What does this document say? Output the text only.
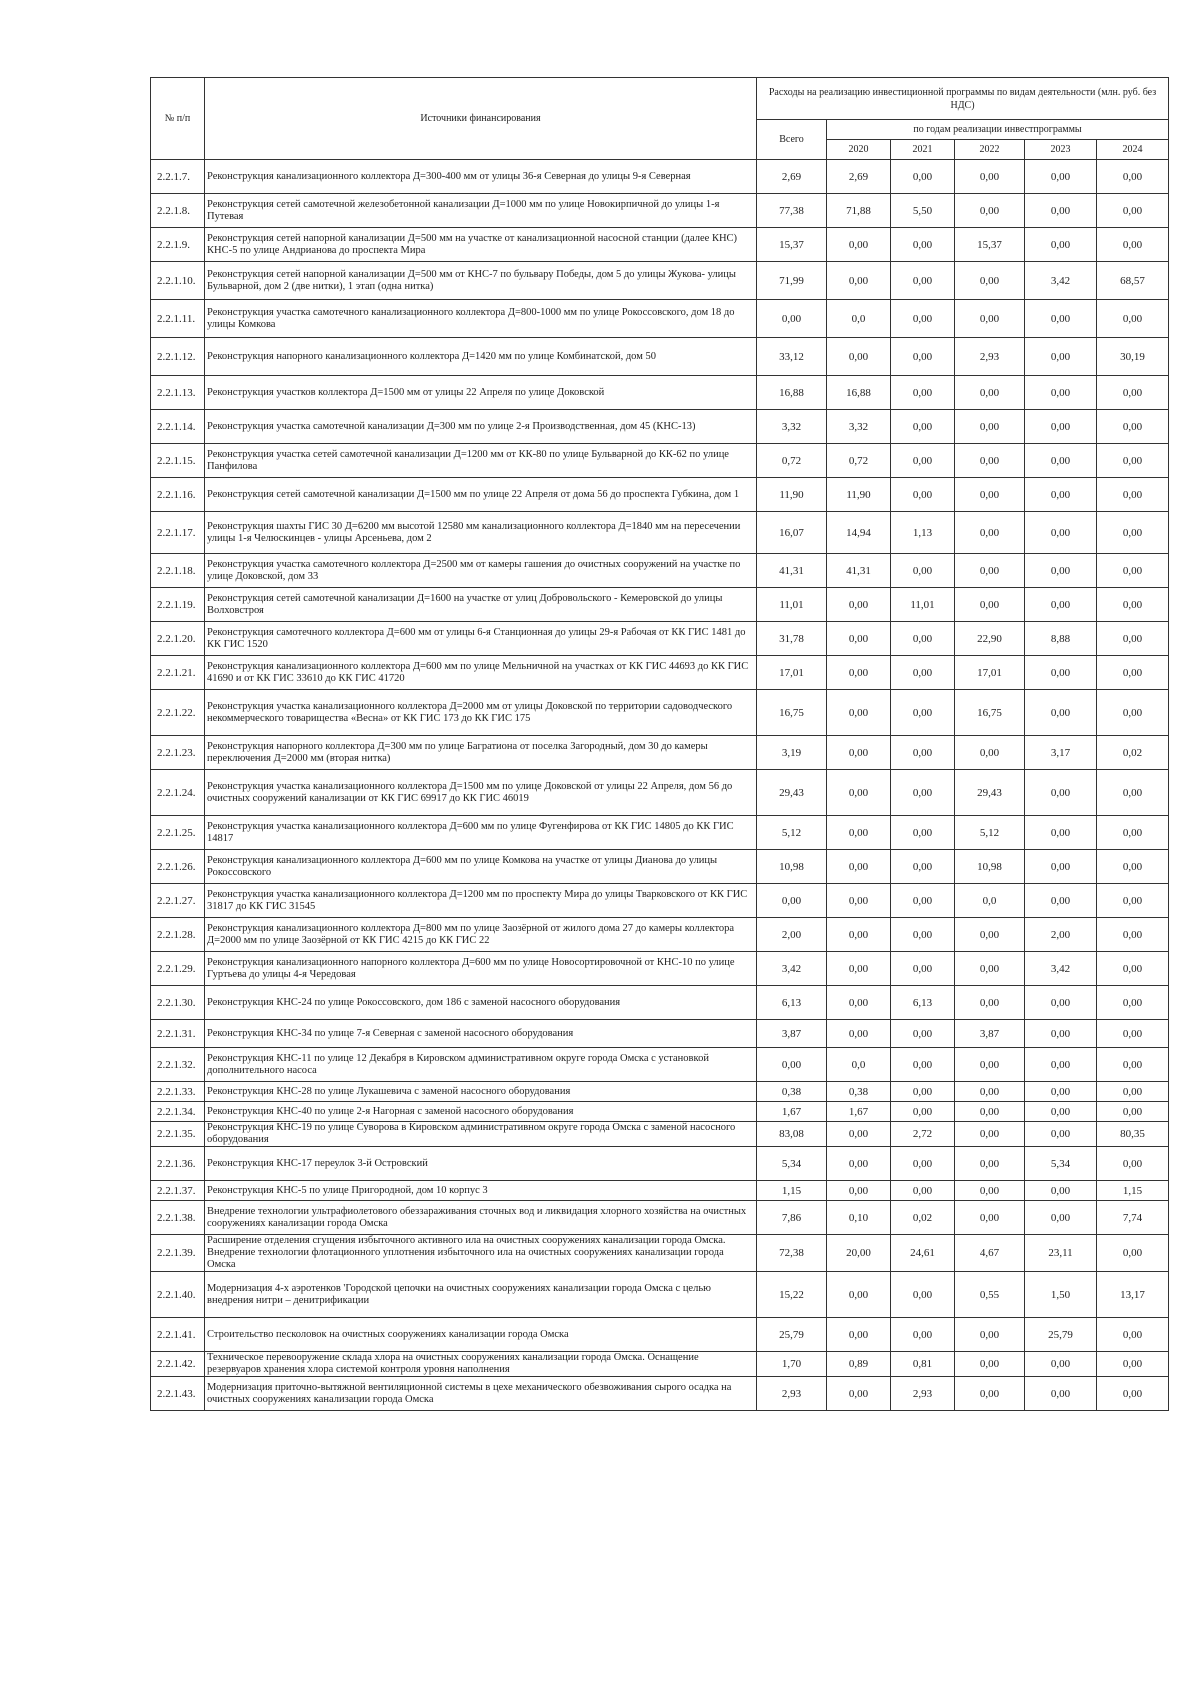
№ п/п	Источники финансирования	Расходы на реализацию инвестиционной программы по видам деятельности (млн. руб. без НДС)					
		Всего	по годам реализации инвестпрограммы				
			2020	2021	2022	2023	2024
2.2.1.7.	Реконструкция канализационного коллектора Д=300-400 мм от улицы 36-я Северная до улицы 9-я Северная	2,69	2,69	0,00	0,00	0,00	0,00
2.2.1.8.	Реконструкция сетей самотечной железобетонной канализации Д=1000 мм по улице Новокирпичной до улицы 1-я Путевая	77,38	71,88	5,50	0,00	0,00	0,00
2.2.1.9.	Реконструкция сетей напорной канализации Д=500 мм на участке от канализационной насосной станции (далее КНС) КНС-5 по улице Андрианова до проспекта Мира	15,37	0,00	0,00	15,37	0,00	0,00
2.2.1.10.	Реконструкция сетей напорной канализации Д=500 мм от КНС-7 по бульвару Победы, дом 5 до улицы Жукова- улицы Бульварной, дом 2 (две нитки), 1 этап (одна нитка)	71,99	0,00	0,00	0,00	3,42	68,57
2.2.1.11.	Реконструкция участка самотечного канализационного коллектора Д=800-1000 мм по улице Рокоссовского, дом 18 до улицы Комкова	0,00	0,0	0,00	0,00	0,00	0,00
2.2.1.12.	Реконструкция напорного канализационного коллектора Д=1420 мм по улице Комбинатской, дом 50	33,12	0,00	0,00	2,93	0,00	30,19
2.2.1.13.	Реконструкция участков коллектора Д=1500 мм от улицы 22 Апреля по улице Доковской	16,88	16,88	0,00	0,00	0,00	0,00
2.2.1.14.	Реконструкция участка самотечной канализации Д=300 мм по улице 2-я Производственная, дом 45 (КНС-13)	3,32	3,32	0,00	0,00	0,00	0,00
2.2.1.15.	Реконструкция участка сетей самотечной канализации Д=1200 мм от КК-80 по улице Бульварной до КК-62 по улице Панфилова	0,72	0,72	0,00	0,00	0,00	0,00
2.2.1.16.	Реконструкция сетей самотечной канализации Д=1500 мм по улице 22 Апреля от дома 56 до проспекта Губкина, дом 1	11,90	11,90	0,00	0,00	0,00	0,00
2.2.1.17.	Реконструкция шахты ГИС 30 Д=6200 мм высотой 12580 мм канализационного коллектора Д=1840 мм на пересечении улицы 1-я Челюскинцев - улицы Арсеньева, дом 2	16,07	14,94	1,13	0,00	0,00	0,00
2.2.1.18.	Реконструкция участка самотечного коллектора Д=2500 мм от камеры гашения до очистных сооружений на участке по улице Доковской, дом 33	41,31	41,31	0,00	0,00	0,00	0,00
2.2.1.19.	Реконструкция сетей самотечной канализации Д=1600 на участке от улиц Добровольского - Кемеровской до улицы Волховстроя	11,01	0,00	11,01	0,00	0,00	0,00
2.2.1.20.	Реконструкция самотечного коллектора Д=600 мм от улицы 6-я Станционная до улицы 29-я Рабочая от КК ГИС 1481 до КК ГИС 1520	31,78	0,00	0,00	22,90	8,88	0,00
2.2.1.21.	Реконструкция канализационного коллектора Д=600 мм по улице Мельничной на участках от КК ГИС 44693 до КК ГИС 41690 и от КК ГИС 33610 до КК ГИС 41720	17,01	0,00	0,00	17,01	0,00	0,00
2.2.1.22.	Реконструкция участка канализационного коллектора Д=2000 мм от улицы Доковской по территории садоводческого некоммерческого товарищества «Весна» от КК ГИС 173 до КК ГИС 175	16,75	0,00	0,00	16,75	0,00	0,00
2.2.1.23.	Реконструкция напорного коллектора Д=300 мм по улице Багратиона от поселка Загородный, дом 30 до камеры переключения Д=2000 мм (вторая нитка)	3,19	0,00	0,00	0,00	3,17	0,02
2.2.1.24.	Реконструкция участка канализационного коллектора Д=1500 мм по улице Доковской от улицы 22 Апреля, дом 56 до очистных сооружений канализации от КК ГИС 69917 до КК ГИС 46019	29,43	0,00	0,00	29,43	0,00	0,00
2.2.1.25.	Реконструкция участка канализационного коллектора Д=600 мм по улице Фугенфирова от КК ГИС 14805 до КК ГИС 14817	5,12	0,00	0,00	5,12	0,00	0,00
2.2.1.26.	Реконструкция канализационного коллектора Д=600 мм по улице Комкова на участке от улицы Дианова до улицы Рокоссовского	10,98	0,00	0,00	10,98	0,00	0,00
2.2.1.27.	Реконструкция участка канализационного коллектора Д=1200 мм по проспекту Мира до улицы Тварковского от КК ГИС 31817 до КК ГИС 31545	0,00	0,00	0,00	0,0	0,00	0,00
2.2.1.28.	Реконструкция канализационного коллектора Д=800 мм по улице Заозёрной от жилого дома 27 до камеры коллектора Д=2000 мм по улице Заозёрной от КК ГИС 4215 до КК ГИС 22	2,00	0,00	0,00	0,00	2,00	0,00
2.2.1.29.	Реконструкция канализационного напорного коллектора Д=600 мм по улице Новосортировочной от КНС-10 по улице Гуртьева до улицы 4-я Чередовая	3,42	0,00	0,00	0,00	3,42	0,00
2.2.1.30.	Реконструкция КНС-24 по улице Рокоссовского, дом 186 с заменой насосного оборудования	6,13	0,00	6,13	0,00	0,00	0,00
2.2.1.31.	Реконструкция КНС-34 по улице 7-я Северная с заменой насосного оборудования	3,87	0,00	0,00	3,87	0,00	0,00
2.2.1.32.	Реконструкция КНС-11 по улице 12 Декабря в Кировском административном округе города Омска с установкой дополнительного насоса	0,00	0,0	0,00	0,00	0,00	0,00
2.2.1.33.	Реконструкция КНС-28 по улице Лукашевича с заменой насосного оборудования	0,38	0,38	0,00	0,00	0,00	0,00
2.2.1.34.	Реконструкция КНС-40 по улице 2-я Нагорная с заменой насосного оборудования	1,67	1,67	0,00	0,00	0,00	0,00
2.2.1.35.	Реконструкция КНС-19 по улице Суворова в Кировском административном округе города Омска с заменой насосного оборудования	83,08	0,00	2,72	0,00	0,00	80,35
2.2.1.36.	Реконструкция КНС-17 переулок 3-й Островский	5,34	0,00	0,00	0,00	5,34	0,00
2.2.1.37.	Реконструкция КНС-5 по улице Пригородной, дом 10 корпус 3	1,15	0,00	0,00	0,00	0,00	1,15
2.2.1.38.	Внедрение технологии ультрафиолетового обеззараживания сточных вод и ликвидация хлорного хозяйства на очистных сооружениях канализации города Омска	7,86	0,10	0,02	0,00	0,00	7,74
2.2.1.39.	Расширение отделения сгущения избыточного активного ила на очистных сооружениях канализации города Омска. Внедрение технологии флотационного уплотнения избыточного ила на очистных сооружениях канализации города Омска	72,38	20,00	24,61	4,67	23,11	0,00
2.2.1.40.	Модернизация 4-х аэротенков 'Городской цепочки на очистных сооружениях канализации города Омска с целью внедрения нитри – денитрификации	15,22	0,00	0,00	0,55	1,50	13,17
2.2.1.41.	Строительство песколовок на очистных сооружениях канализации города Омска	25,79	0,00	0,00	0,00	25,79	0,00
2.2.1.42.	Техническое перевооружение склада хлора на очистных сооружениях канализации города Омска. Оснащение резервуаров хранения хлора системой контроля уровня наполнения	1,70	0,89	0,81	0,00	0,00	0,00
2.2.1.43.	Модернизация приточно-вытяжной вентиляционной системы в цехе механического обезвоживания сырого осадка на очистных сооружениях канализации города Омска	2,93	0,00	2,93	0,00	0,00	0,00
